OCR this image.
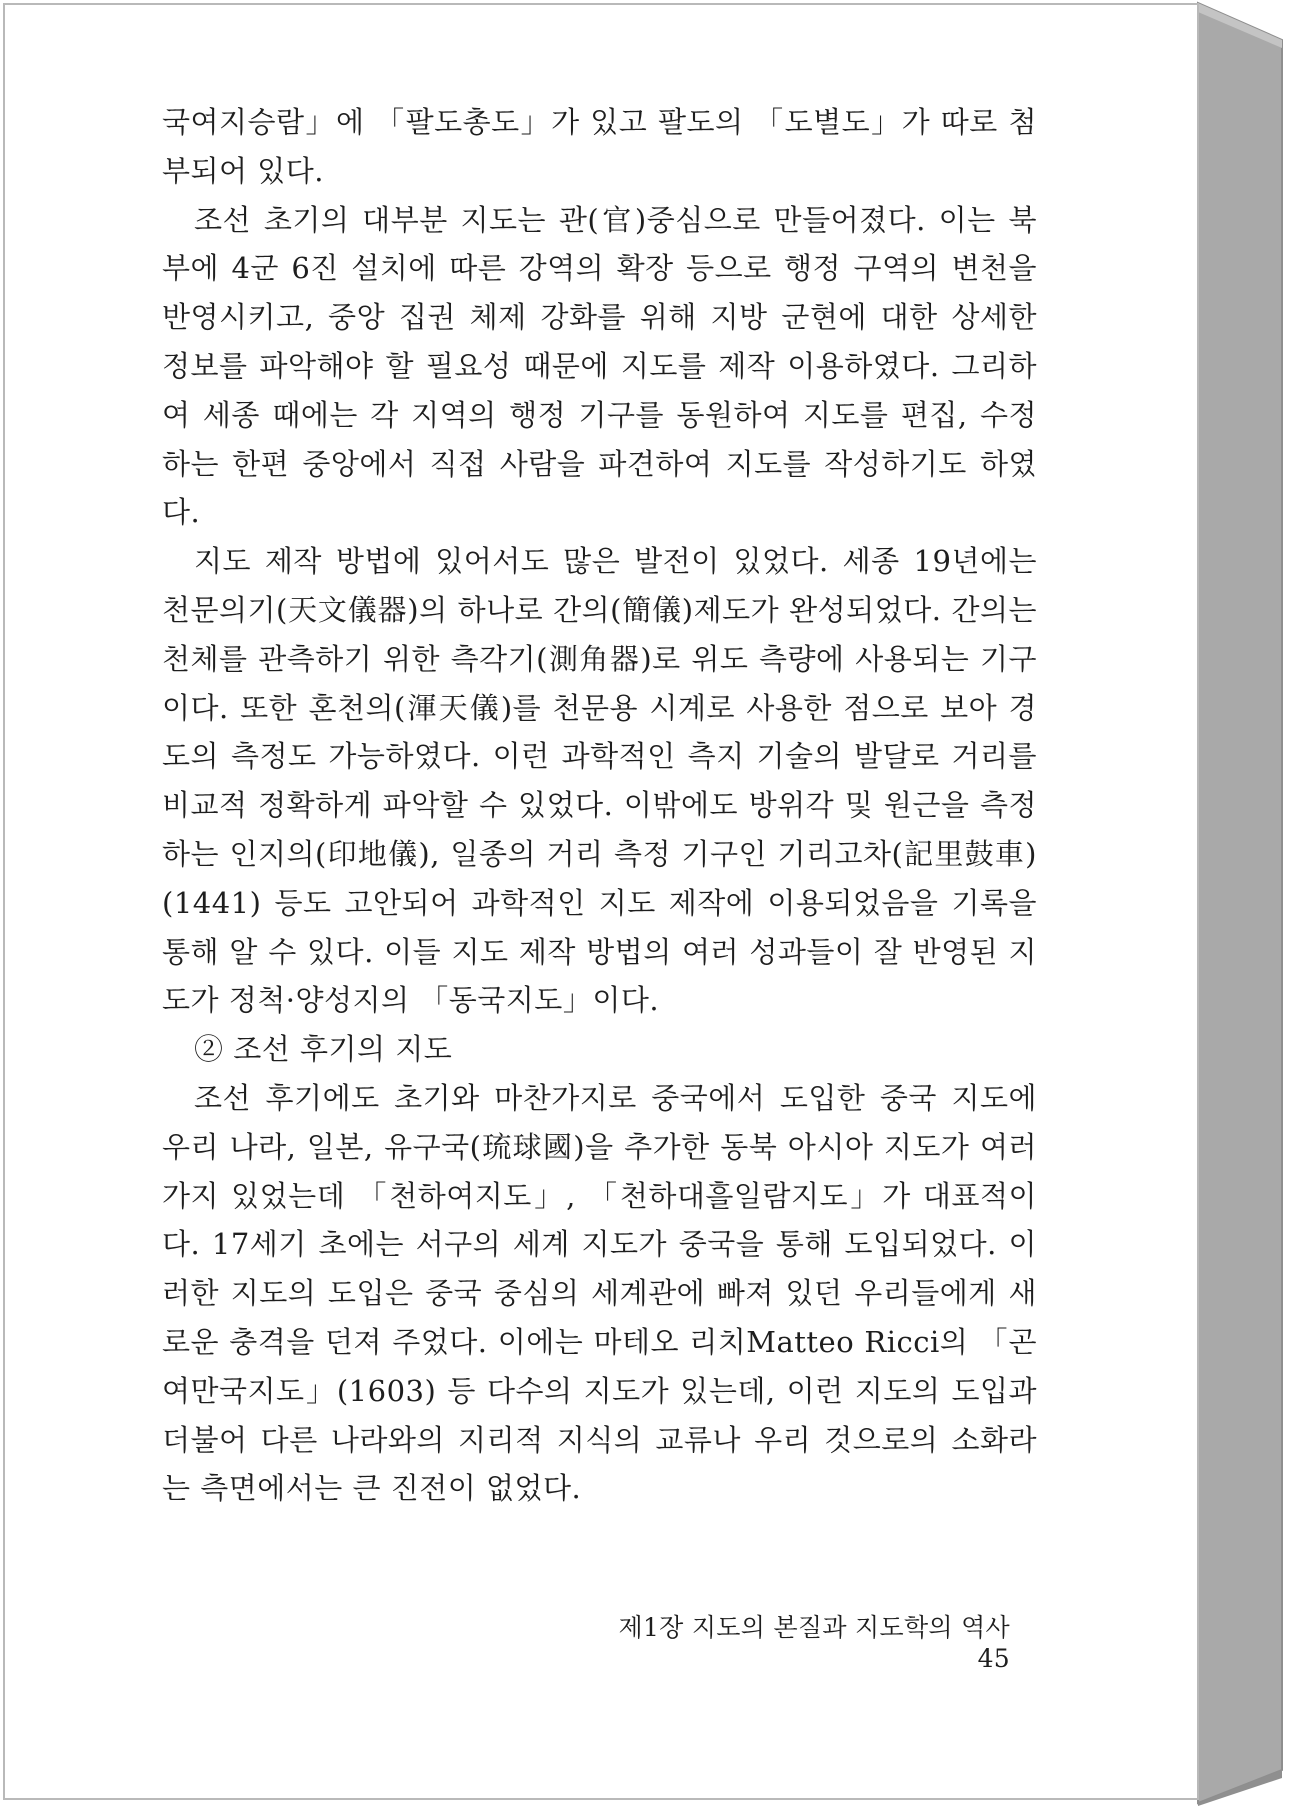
국여지승람」에 「팔도총도」가 있고 팔도의 「도별도」가 따로 첨부되어 있다.

조선 초기의 대부분 지도는 관(官)중심으로 만들어졌다. 이는 북부에 4군 6진 설치에 따른 강역의 확장 등으로 행정 구역의 변천을 반영시키고, 중앙 집권 체제 강화를 위해 지방 군현에 대한 상세한 정보를 파악해야 할 필요성 때문에 지도를 제작 이용하였다. 그리하여 세종 때에는 각 지역의 행정 기구를 동원하여 지도를 편집, 수정하는 한편 중앙에서 직접 사람을 파견하여 지도를 작성하기도 하였다.

지도 제작 방법에 있어서도 많은 발전이 있었다. 세종 19년에는 천문의기(天文儀器)의 하나로 간의(簡儀)제도가 완성되었다. 간의는 천체를 관측하기 위한 측각기(測角器)로 위도 측량에 사용되는 기구이다. 또한 혼천의(渾天儀)를 천문용 시계로 사용한 점으로 보아 경도의 측정도 가능하였다. 이런 과학적인 측지 기술의 발달로 거리를 비교적 정확하게 파악할 수 있었다. 이밖에도 방위각 및 원근을 측정하는 인지의(印地儀), 일종의 거리 측정 기구인 기리고차(記里鼓車)(1441) 등도 고안되어 과학적인 지도 제작에 이용되었음을 기록을 통해 알 수 있다. 이들 지도 제작 방법의 여러 성과들이 잘 반영된 지도가 정척·양성지의 「동국지도」이다.

② 조선 후기의 지도

조선 후기에도 초기와 마찬가지로 중국에서 도입한 중국 지도에 우리 나라, 일본, 유구국(琉球國)을 추가한 동북 아시아 지도가 여러 가지 있었는데 「천하여지도」, 「천하대흘일람지도」가 대표적이다. 17세기 초에는 서구의 세계 지도가 중국을 통해 도입되었다. 이러한 지도의 도입은 중국 중심의 세계관에 빠져 있던 우리들에게 새로운 충격을 던져 주었다. 이에는 마테오 리치Matteo Ricci의 「곤여만국지도」(1603) 등 다수의 지도가 있는데, 이런 지도의 도입과 더불어 다른 나라와의 지리적 지식의 교류나 우리 것으로의 소화라는 측면에서는 큰 진전이 없었다.

제1장 지도의 본질과 지도학의 역사45
